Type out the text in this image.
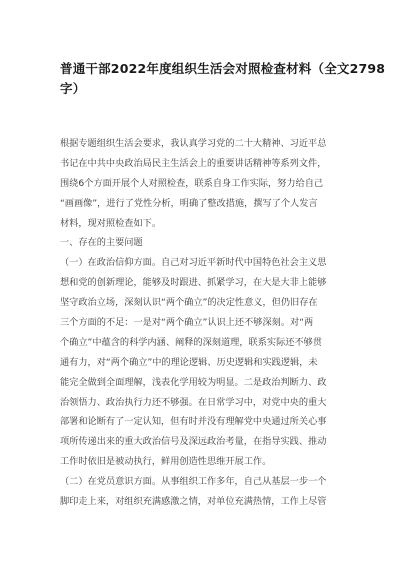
普通干部2022年度组织生活会对照检查材料（全文2798
字）
根据专题组织生活会要求，我认真学习党的二十大精神、习近平总
书记在中共中央政治局民主生活会上的重要讲话精神等系列文件，
围绕6个方面开展个人对照检查，联系自身工作实际，努力给自己
“画画像”，进行了党性分析，明确了整改措施，撰写了个人发言
材料，现对照检查如下。
一、存在的主要问题
（一）在政治信仰方面。自己对习近平新时代中国特色社会主义思
想和党的创新理论，能够及时跟进、抓紧学习，在大是大非上能够
坚守政治立场，深刻认识“两个确立”的决定性意义，但仍旧存在
三个方面的不足：一是对“两个确立”认识上还不够深刻。对“两
个确立”中蕴含的科学内涵、阐释的深刻道理，联系实际还不够贯
通有力，对“两个确立”中的理论逻辑、历史逻辑和实践逻辑，未
能完全做到全面理解，浅表化学用较为明显。二是政治判断力、政
治领悟力、政治执行力还不够强。在日常学习中，对党中央的重大
部署和论断有了一定认知，但有时并没有理解党中央通过所关心事
项所传递出来的重大政治信号及深远政治考量，在指导实践、推动
工作时依旧是被动执行，鲜用创造性思维开展工作。
（二）在党员意识方面。从事组织工作多年，自己从基层一步一个
脚印走上来，对组织充满感激之情，对单位充满热情，工作上尽管
